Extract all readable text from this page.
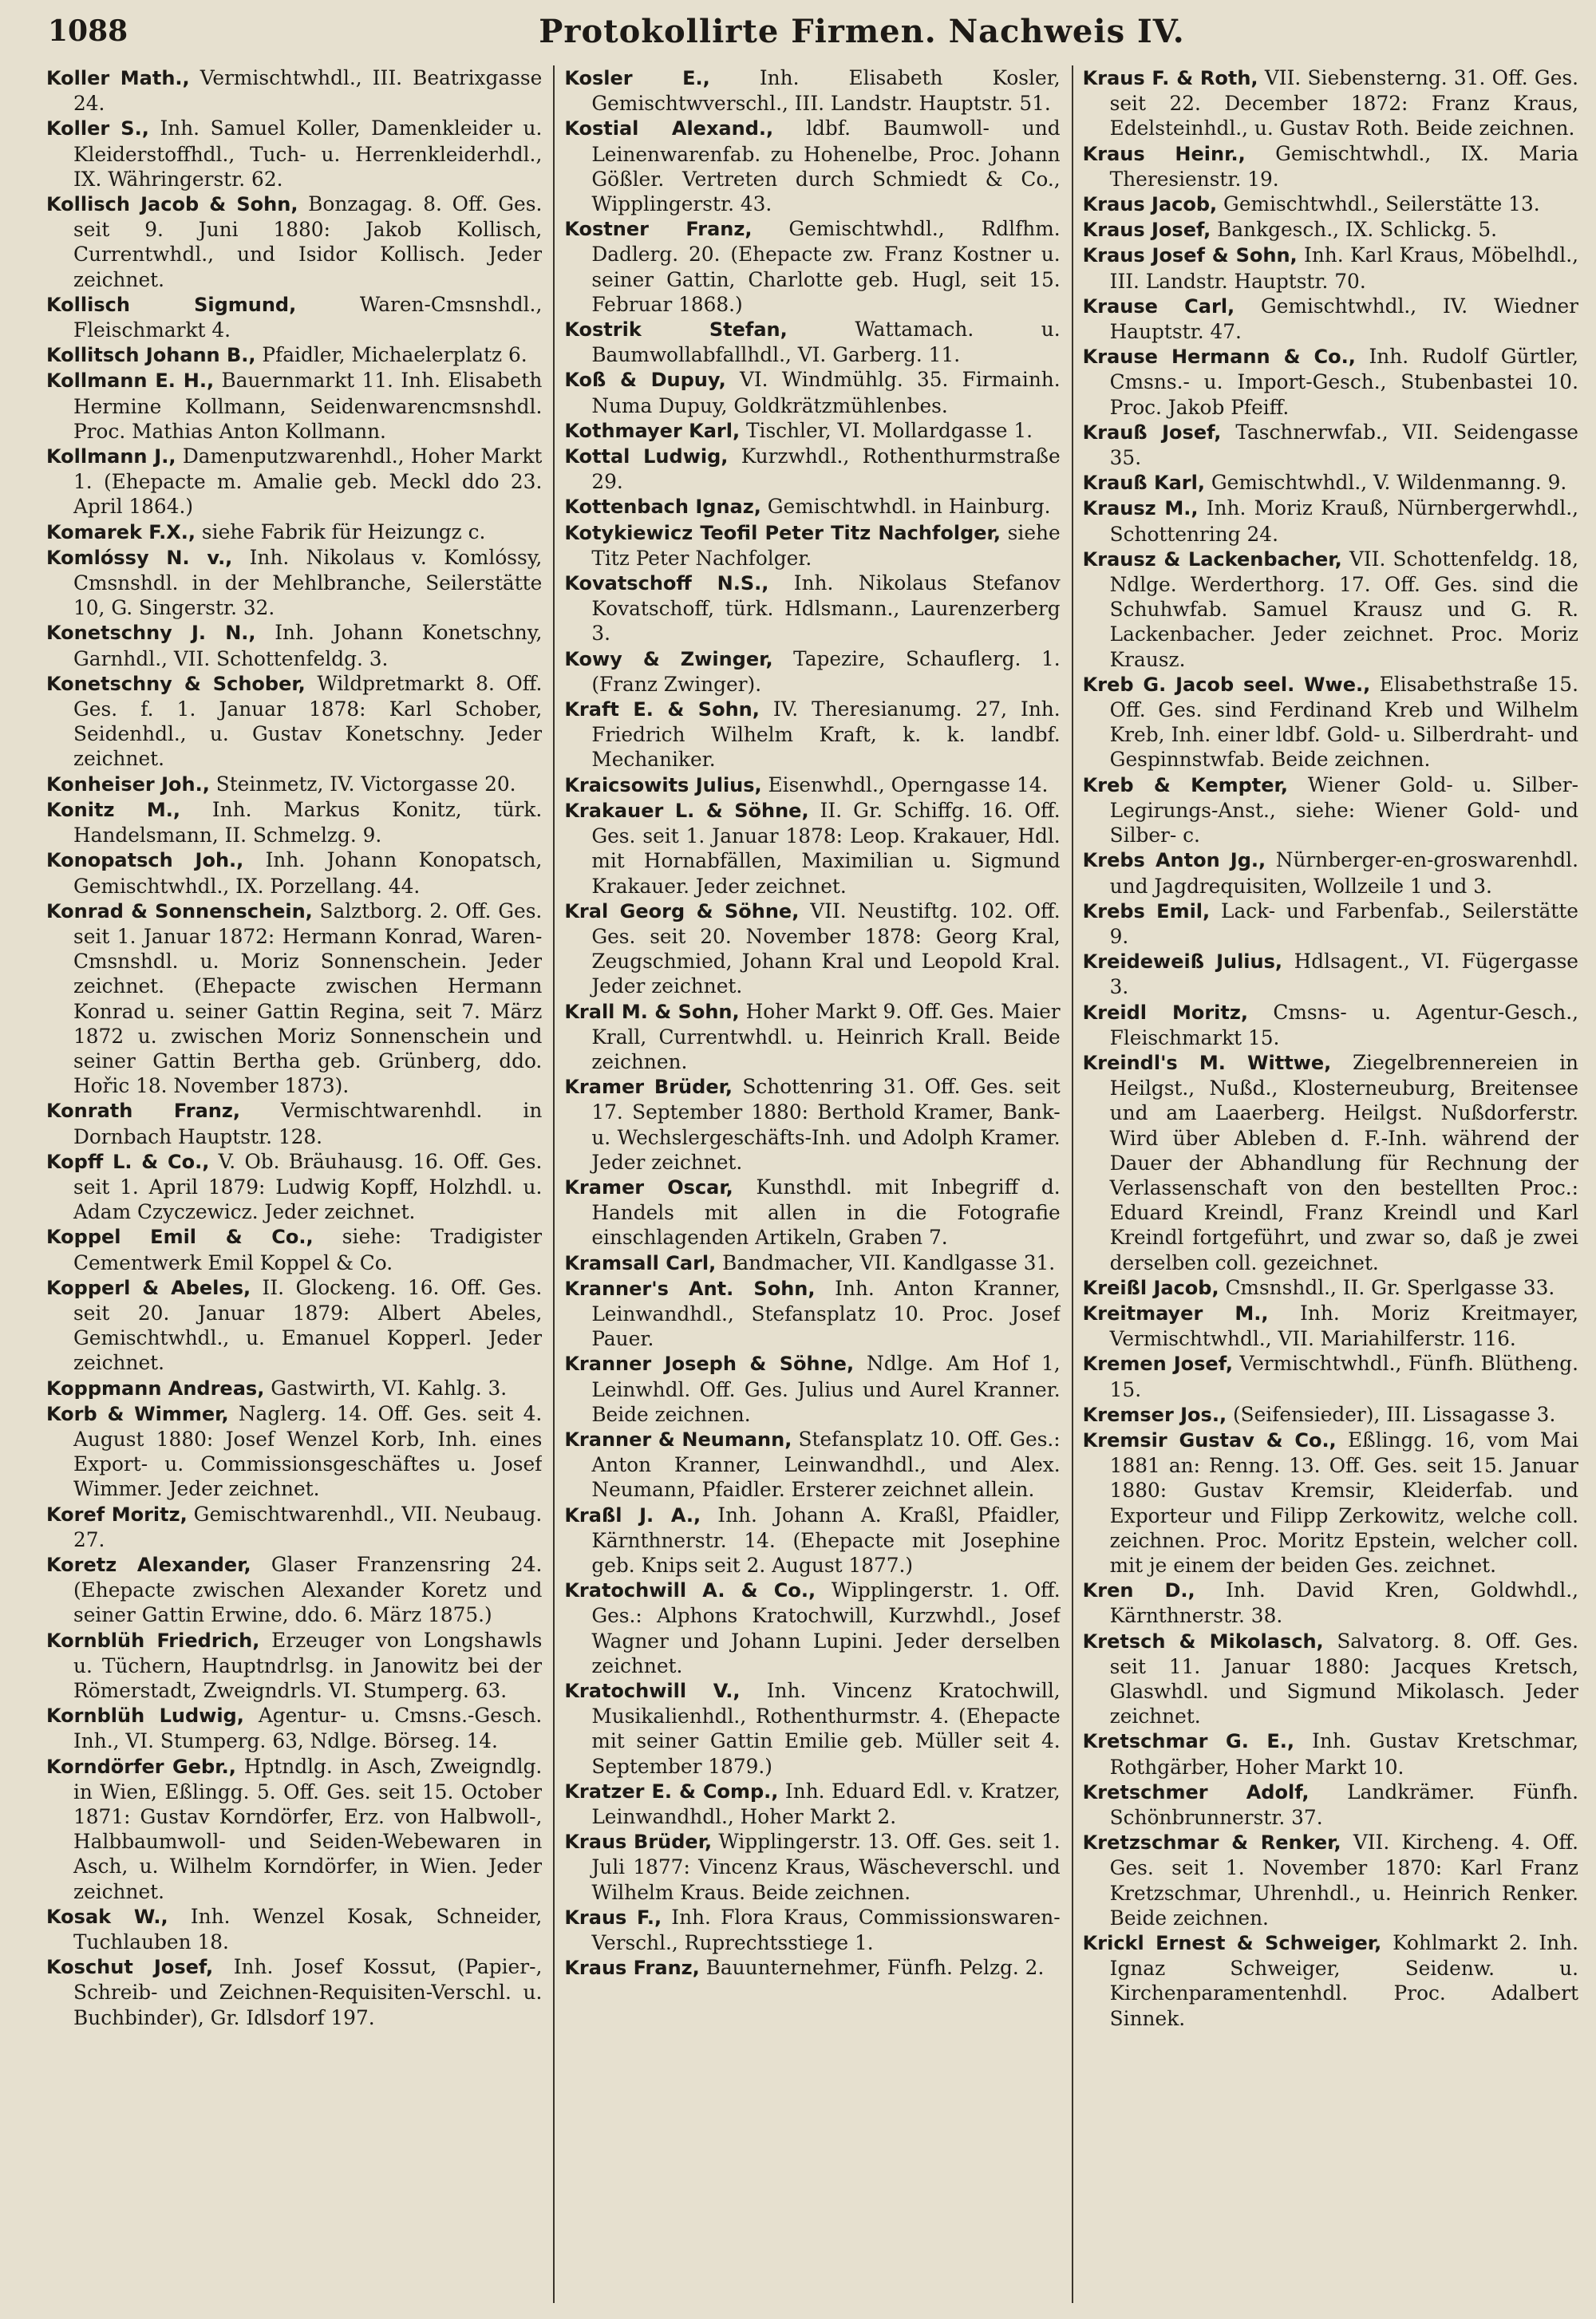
1088	Protokollirte Firmen. Nachweis IV.

Koller Math., Vermischtwhdl., III. Beatrixgasse 24.

Koller S., Inh. Samuel Koller, Damenkleider u. Kleiderstoffhdl., Tuch- u. Herrenkleiderhdl., IX. Währingerstr. 62.

Kollisch Jacob & Sohn, Bonzagag. 8. Off. Ges. seit 9. Juni 1880: Jakob Kollisch, Currentwhdl., und Isidor Kollisch. Jeder zeichnet.

Kollisch Sigmund, Waren-Cmsnshdl., Fleischmarkt 4.

Kollitsch Johann B., Pfaidler, Michaelerplatz 6.

Kollmann E. H., Bauernmarkt 11. Inh. Elisabeth Hermine Kollmann, Seidenwarencmsnshdl. Proc. Mathias Anton Kollmann.

Kollmann J., Damenputzwarenhdl., Hoher Markt 1. (Ehepacte m. Amalie geb. Meckl ddo 23. April 1864.)

Komarek F.X., siehe Fabrik für Heizungz c.

Komlóssy N. v., Inh. Nikolaus v. Komlóssy, Cmsnshdl. in der Mehlbranche, Seilerstätte 10, G. Singerstr. 32.

Konetschny J. N., Inh. Johann Konetschny, Garnhdl., VII. Schottenfeldg. 3.

Konetschny & Schober, Wildpretmarkt 8. Off. Ges. f. 1. Januar 1878: Karl Schober, Seidenhdl., u. Gustav Konetschny. Jeder zeichnet.

Konheiser Joh., Steinmetz, IV. Victorgasse 20.

Konitz M., Inh. Markus Konitz, türk. Handelsmann, II. Schmelzg. 9.

Konopatsch Joh., Inh. Johann Konopatsch, Gemischtwhdl., IX. Porzellang. 44.

Konrad & Sonnenschein, Salztborg. 2. Off. Ges. seit 1. Januar 1872: Hermann Konrad, Waren-Cmsnshdl. u. Moriz Sonnenschein. Jeder zeichnet. (Ehepacte zwischen Hermann Konrad u. seiner Gattin Regina, seit 7. März 1872 u. zwischen Moriz Sonnenschein und seiner Gattin Bertha geb. Grünberg, ddo. Hořic 18. November 1873).

Konrath Franz, Vermischtwarenhdl. in Dornbach Hauptstr. 128.

Kopff L. & Co., V. Ob. Bräuhausg. 16. Off. Ges. seit 1. April 1879: Ludwig Kopff, Holzhdl. u. Adam Czyczewicz. Jeder zeichnet.

Koppel Emil & Co., siehe: Tradigister Cementwerk Emil Koppel & Co.

Kopperl & Abeles, II. Glockeng. 16. Off. Ges. seit 20. Januar 1879: Albert Abeles, Gemischtwhdl., u. Emanuel Kopperl. Jeder zeichnet.

Koppmann Andreas, Gastwirth, VI. Kahlg. 3.

Korb & Wimmer, Naglerg. 14. Off. Ges. seit 4. August 1880: Josef Wenzel Korb, Inh. eines Export- u. Commissionsgeschäftes u. Josef Wimmer. Jeder zeichnet.

Koref Moritz, Gemischtwarenhdl., VII. Neubaug. 27.

Koretz Alexander, Glaser Franzensring 24. (Ehepacte zwischen Alexander Koretz und seiner Gattin Erwine, ddo. 6. März 1875.)

Kornblüh Friedrich, Erzeuger von Longshawls u. Tüchern, Hauptndrlsg. in Janowitz bei der Römerstadt, Zweigndrls. VI. Stumperg. 63.

Kornblüh Ludwig, Agentur- u. Cmsns.-Gesch. Inh., VI. Stumperg. 63, Ndlge. Börseg. 14.

Korndörfer Gebr., Hptndlg. in Asch, Zweigndlg. in Wien, Eßlingg. 5. Off. Ges. seit 15. October 1871: Gustav Korndörfer, Erz. von Halbwoll-, Halbbaumwoll- und Seiden-Webewaren in Asch, u. Wilhelm Korndörfer, in Wien. Jeder zeichnet.

Kosak W., Inh. Wenzel Kosak, Schneider, Tuchlauben 18.

Koschut Josef, Inh. Josef Kossut, (Papier-, Schreib- und Zeichnen-Requisiten-Verschl. u. Buchbinder), Gr. Idlsdorf 197.

Kosler E., Inh. Elisabeth Kosler, Gemischtwverschl., III. Landstr. Hauptstr. 51.

Kostial Alexand., ldbf. Baumwoll- und Leinenwarenfab. zu Hohenelbe, Proc. Johann Gößler. Vertreten durch Schmiedt & Co., Wipplingerstr. 43.

Kostner Franz, Gemischtwhdl., Rdlfhm. Dadlerg. 20. (Ehepacte zw. Franz Kostner u. seiner Gattin, Charlotte geb. Hugl, seit 15. Februar 1868.)

Kostrik Stefan, Wattamach. u. Baumwollabfallhdl., VI. Garberg. 11.

Koß & Dupuy, VI. Windmühlg. 35. Firmainh. Numa Dupuy, Goldkrätzmühlenbes.

Kothmayer Karl, Tischler, VI. Mollardgasse 1.

Kottal Ludwig, Kurzwhdl., Rothenthurmstraße 29.

Kottenbach Ignaz, Gemischtwhdl. in Hainburg.

Kotykiewicz Teofil Peter Titz Nachfolger, siehe Titz Peter Nachfolger.

Kovatschoff N.S., Inh. Nikolaus Stefanov Kovatschoff, türk. Hdlsmann., Laurenzerberg 3.

Kowy & Zwinger, Tapezire, Schauflerg. 1. (Franz Zwinger).

Kraft E. & Sohn, IV. Theresianumg. 27, Inh. Friedrich Wilhelm Kraft, k. k. landbf. Mechaniker.

Kraicsowits Julius, Eisenwhdl., Operngasse 14.

Krakauer L. & Söhne, II. Gr. Schiffg. 16. Off. Ges. seit 1. Januar 1878: Leop. Krakauer, Hdl. mit Hornabfällen, Maximilian u. Sigmund Krakauer. Jeder zeichnet.

Kral Georg & Söhne, VII. Neustiftg. 102. Off. Ges. seit 20. November 1878: Georg Kral, Zeugschmied, Johann Kral und Leopold Kral. Jeder zeichnet.

Krall M. & Sohn, Hoher Markt 9. Off. Ges. Maier Krall, Currentwhdl. u. Heinrich Krall. Beide zeichnen.

Kramer Brüder, Schottenring 31. Off. Ges. seit 17. September 1880: Berthold Kramer, Bank- u. Wechslergeschäfts-Inh. und Adolph Kramer. Jeder zeichnet.

Kramer Oscar, Kunsthdl. mit Inbegriff d. Handels mit allen in die Fotografie einschlagenden Artikeln, Graben 7.

Kramsall Carl, Bandmacher, VII. Kandlgasse 31.

Kranner's Ant. Sohn, Inh. Anton Kranner, Leinwandhdl., Stefansplatz 10. Proc. Josef Pauer.

Kranner Joseph & Söhne, Ndlge. Am Hof 1, Leinwhdl. Off. Ges. Julius und Aurel Kranner. Beide zeichnen.

Kranner & Neumann, Stefansplatz 10. Off. Ges.: Anton Kranner, Leinwandhdl., und Alex. Neumann, Pfaidler. Ersterer zeichnet allein.

Kraßl J. A., Inh. Johann A. Kraßl, Pfaidler, Kärnthnerstr. 14. (Ehepacte mit Josephine geb. Knips seit 2. August 1877.)

Kratochwill A. & Co., Wipplingerstr. 1. Off. Ges.: Alphons Kratochwill, Kurzwhdl., Josef Wagner und Johann Lupini. Jeder derselben zeichnet.

Kratochwill V., Inh. Vincenz Kratochwill, Musikalienhdl., Rothenthurmstr. 4. (Ehepacte mit seiner Gattin Emilie geb. Müller seit 4. September 1879.)

Kratzer E. & Comp., Inh. Eduard Edl. v. Kratzer, Leinwandhdl., Hoher Markt 2.

Kraus Brüder, Wipplingerstr. 13. Off. Ges. seit 1. Juli 1877: Vincenz Kraus, Wäscheverschl. und Wilhelm Kraus. Beide zeichnen.

Kraus F., Inh. Flora Kraus, Commissionswaren-Verschl., Ruprechtsstiege 1.

Kraus Franz, Bauunternehmer, Fünfh. Pelzg. 2.

Kraus F. & Roth, VII. Siebensterng. 31. Off. Ges. seit 22. December 1872: Franz Kraus, Edelsteinhdl., u. Gustav Roth. Beide zeichnen.

Kraus Heinr., Gemischtwhdl., IX. Maria Theresienstr. 19.

Kraus Jacob, Gemischtwhdl., Seilerstätte 13.

Kraus Josef, Bankgesch., IX. Schlickg. 5.

Kraus Josef & Sohn, Inh. Karl Kraus, Möbelhdl., III. Landstr. Hauptstr. 70.

Krause Carl, Gemischtwhdl., IV. Wiedner Hauptstr. 47.

Krause Hermann & Co., Inh. Rudolf Gürtler, Cmsns.- u. Import-Gesch., Stubenbastei 10. Proc. Jakob Pfeiff.

Krauß Josef, Taschnerwfab., VII. Seidengasse 35.

Krauß Karl, Gemischtwhdl., V. Wildenmanng. 9.

Krausz M., Inh. Moriz Krauß, Nürnbergerwhdl., Schottenring 24.

Krausz & Lackenbacher, VII. Schottenfeldg. 18, Ndlge. Werderthorg. 17. Off. Ges. sind die Schuhwfab. Samuel Krausz und G. R. Lackenbacher. Jeder zeichnet. Proc. Moriz Krausz.

Kreb G. Jacob seel. Wwe., Elisabethstraße 15. Off. Ges. sind Ferdinand Kreb und Wilhelm Kreb, Inh. einer ldbf. Gold- u. Silberdraht- und Gespinnstwfab. Beide zeichnen.

Kreb & Kempter, Wiener Gold- u. Silber-Legirungs-Anst., siehe: Wiener Gold- und Silber- c.

Krebs Anton Jg., Nürnberger-en-groswarenhdl. und Jagdrequisiten, Wollzeile 1 und 3.

Krebs Emil, Lack- und Farbenfab., Seilerstätte 9.

Kreideweiß Julius, Hdlsagent., VI. Fügergasse 3.

Kreidl Moritz, Cmsns- u. Agentur-Gesch., Fleischmarkt 15.

Kreindl's M. Wittwe, Ziegelbrennereien in Heilgst., Nußd., Klosterneuburg, Breitensee und am Laaerberg. Heilgst. Nußdorferstr. Wird über Ableben d. F.-Inh. während der Dauer der Abhandlung für Rechnung der Verlassenschaft von den bestellten Proc.: Eduard Kreindl, Franz Kreindl und Karl Kreindl fortgeführt, und zwar so, daß je zwei derselben coll. gezeichnet.

Kreißl Jacob, Cmsnshdl., II. Gr. Sperlgasse 33.

Kreitmayer M., Inh. Moriz Kreitmayer, Vermischtwhdl., VII. Mariahilferstr. 116.

Kremen Josef, Vermischtwhdl., Fünfh. Blütheng. 15.

Kremser Jos., (Seifensieder), III. Lissagasse 3.

Kremsir Gustav & Co., Eßlingg. 16, vom Mai 1881 an: Renng. 13. Off. Ges. seit 15. Januar 1880: Gustav Kremsir, Kleiderfab. und Exporteur und Filipp Zerkowitz, welche coll. zeichnen. Proc. Moritz Epstein, welcher coll. mit je einem der beiden Ges. zeichnet.

Kren D., Inh. David Kren, Goldwhdl., Kärnthnerstr. 38.

Kretsch & Mikolasch, Salvatorg. 8. Off. Ges. seit 11. Januar 1880: Jacques Kretsch, Glaswhdl. und Sigmund Mikolasch. Jeder zeichnet.

Kretschmar G. E., Inh. Gustav Kretschmar, Rothgärber, Hoher Markt 10.

Kretschmer Adolf, Landkrämer. Fünfh. Schönbrunnerstr. 37.

Kretzschmar & Renker, VII. Kircheng. 4. Off. Ges. seit 1. November 1870: Karl Franz Kretzschmar, Uhrenhdl., u. Heinrich Renker. Beide zeichnen.

Krickl Ernest & Schweiger, Kohlmarkt 2. Inh. Ignaz Schweiger, Seidenw. u. Kirchenparamentenhdl. Proc. Adalbert Sinnek.
